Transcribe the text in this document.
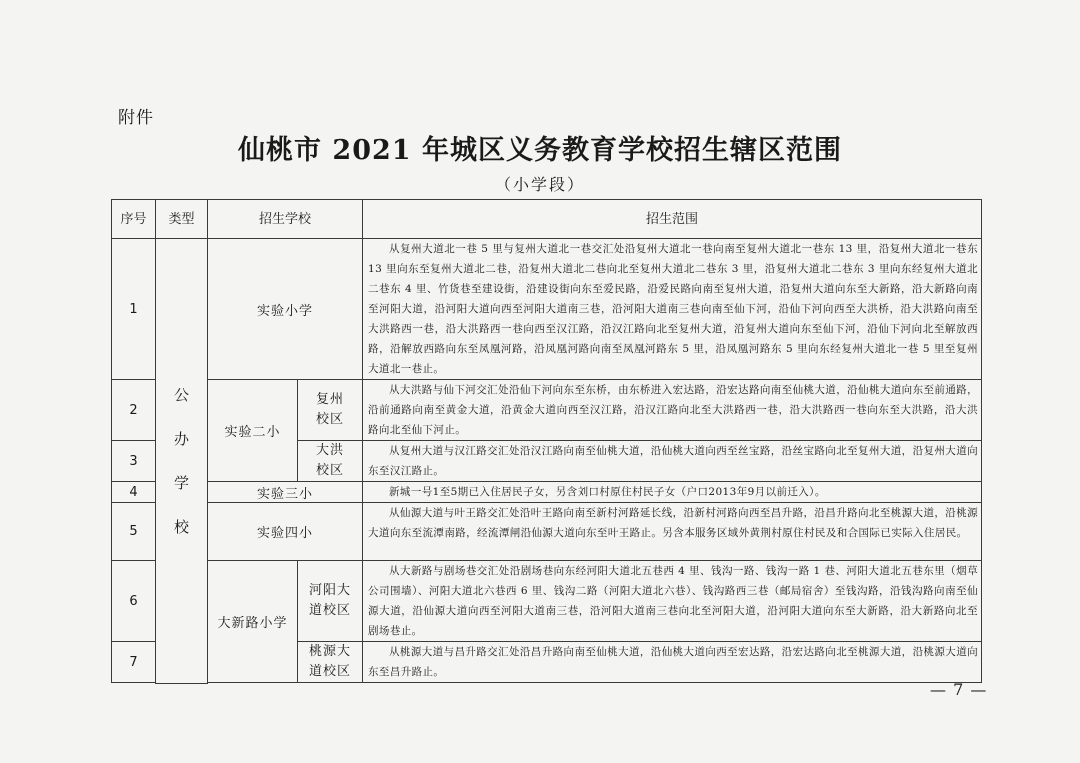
附件
仙桃市 2021 年城区义务教育学校招生辖区范围
（小学段）
序号	类型	招生学校		招生范围
1	公办学校	实验小学		从复州大道北一巷 5 里与复州大道北一巷交汇处沿复州大道北一巷向南至复州大道北一巷东 13 里，沿复州大道北一巷东 13 里向东至复州大道北二巷，沿复州大道北二巷向北至复州大道北二巷东 3 里，沿复州大道北二巷东 3 里向东经复州大道北二巷东 4 里、竹货巷至建设街，沿建设街向东至爱民路，沿爱民路向南至复州大道，沿复州大道向东至大新路，沿大新路向南至河阳大道，沿河阳大道向西至河阳大道南三巷，沿河阳大道南三巷向南至仙下河，沿仙下河向西至大洪桥，沿大洪路向南至大洪路西一巷，沿大洪路西一巷向西至汉江路，沿汉江路向北至复州大道，沿复州大道向东至仙下河，沿仙下河向北至解放西路，沿解放西路向东至凤凰河路，沿凤凰河路向南至凤凰河路东 5 里，沿凤凰河路东 5 里向东经复州大道北一巷 5 里至复州大道北一巷止。
2		实验二小	复州校区	从大洪路与仙下河交汇处沿仙下河向东至东桥，由东桥进入宏达路，沿宏达路向南至仙桃大道，沿仙桃大道向东至前通路，沿前通路向南至黄金大道，沿黄金大道向西至汉江路，沿汉江路向北至大洪路西一巷，沿大洪路西一巷向东至大洪路，沿大洪路向北至仙下河止。
3			大洪校区	从复州大道与汉江路交汇处沿汉江路向南至仙桃大道，沿仙桃大道向西至丝宝路，沿丝宝路向北至复州大道，沿复州大道向东至汉江路止。
4		实验三小		新城一号1至5期已入住居民子女，另含刘口村原住村民子女（户口2013年9月以前迁入）。
5		实验四小		从仙源大道与叶王路交汇处沿叶王路向南至新村河路延长线，沿新村河路向西至昌升路，沿昌升路向北至桃源大道，沿桃源大道向东至流潭南路，经流潭闸沿仙源大道向东至叶王路止。另含本服务区域外黄荆村原住村民及和合国际已实际入住居民。
6		大新路小学	河阳大道校区	从大新路与剧场巷交汇处沿剧场巷向东经河阳大道北五巷西 4 里、钱沟一路、钱沟一路 1 巷、河阳大道北五巷东里（烟草公司围墙）、河阳大道北六巷西 6 里、钱沟二路（河阳大道北六巷）、钱沟路西三巷（邮局宿舍）至钱沟路，沿钱沟路向南至仙源大道，沿仙源大道向西至河阳大道南三巷，沿河阳大道南三巷向北至河阳大道，沿河阳大道向东至大新路，沿大新路向北至剧场巷止。
7			桃源大道校区	从桃源大道与昌升路交汇处沿昌升路向南至仙桃大道，沿仙桃大道向西至宏达路，沿宏达路向北至桃源大道，沿桃源大道向东至昌升路止。

— 7 —
